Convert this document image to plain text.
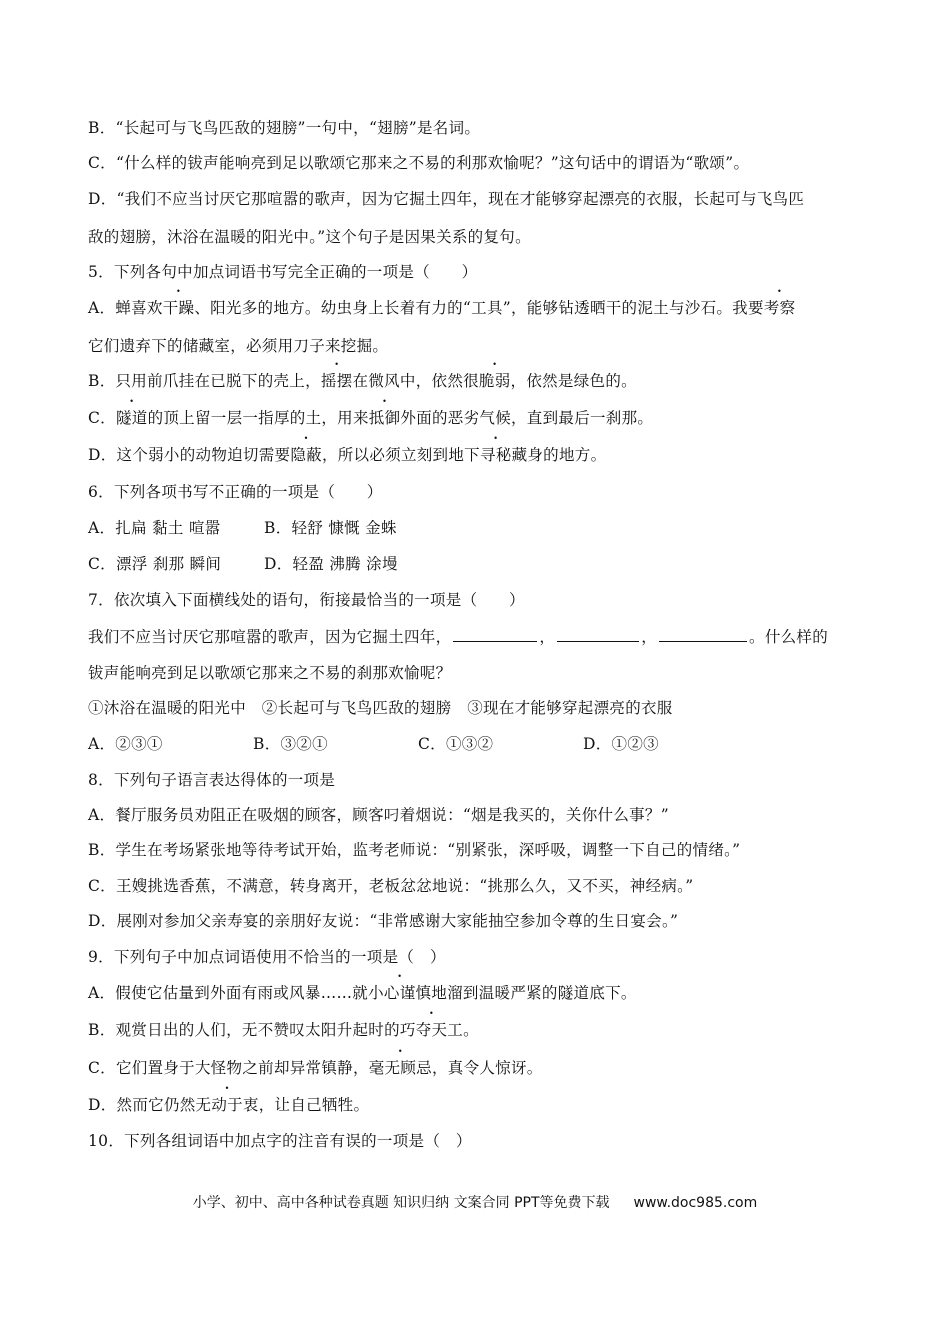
B．“长起可与飞鸟匹敌的翅膀”一句中，“翅膀”是名词。
C．“什么样的钹声能响亮到足以歌颂它那来之不易的利那欢愉呢？”这句话中的谓语为“歌颂”。
D．“我们不应当讨厌它那喧嚣的歌声，因为它掘土四年，现在才能够穿起漂亮的衣服，长起可与飞鸟匹
敌的翅膀，沐浴在温暖的阳光中。”这个句子是因果关系的复句。
5．下列各句中加点词语书写完全正确的一项是（　　）
A．蝉喜欢干躁、阳光多的地方。幼虫身上长着有力的“工具”，能够钻透晒干的泥土与沙石。我要考察
它们遗弃下的储藏室，必须用刀子来挖掘。
B．只用前爪挂在已脱下的壳上，摇摆在微风中，依然很脆弱，依然是绿色的。
C．隧道的顶上留一层一指厚的土，用来抵御外面的恶劣气候，直到最后一刹那。
D．这个弱小的动物迫切需要隐蔽，所以必须立刻到地下寻秘藏身的地方。
6．下列各项书写不正确的一项是（　　）
A．扎扁 黏土 喧嚣	B．轻舒 慷慨 金蛛
C．漂浮 刹那 瞬间	D．轻盈 沸腾 涂墁
7．依次填入下面横线处的语句，衔接最恰当的一项是（　　）
我们不应当讨厌它那喧嚣的歌声，因为它掘土四年，	，	，	。什么样的
钹声能响亮到足以歌颂它那来之不易的刹那欢愉呢？
①沐浴在温暖的阳光中　②长起可与飞鸟匹敌的翅膀　③现在才能够穿起漂亮的衣服
A．②③①	B．③②①	C．①③②	D．①②③
8．下列句子语言表达得体的一项是
A．餐厅服务员劝阻正在吸烟的顾客，顾客叼着烟说：“烟是我买的，关你什么事？”
B．学生在考场紧张地等待考试开始，监考老师说：“别紧张，深呼吸，调整一下自己的情绪。”
C．王嫂挑选香蕉，不满意，转身离开，老板忿忿地说：“挑那么久，又不买，神经病。”
D．展刚对参加父亲寿宴的亲朋好友说：“非常感谢大家能抽空参加令尊的生日宴会。”
9．下列句子中加点词语使用不恰当的一项是（　）
A．假使它估量到外面有雨或风暴……就小心谨慎地溜到温暖严紧的隧道底下。
B．观赏日出的人们，无不赞叹太阳升起时的巧夺天工。
C．它们置身于大怪物之前却异常镇静，毫无顾忌，真令人惊讶。
D．然而它仍然无动于衷，让自己牺牲。
10．下列各组词语中加点字的注音有误的一项是（　）
小学、初中、高中各种试卷真题 知识归纳 文案合同 PPT等免费下载 www.doc985.com
